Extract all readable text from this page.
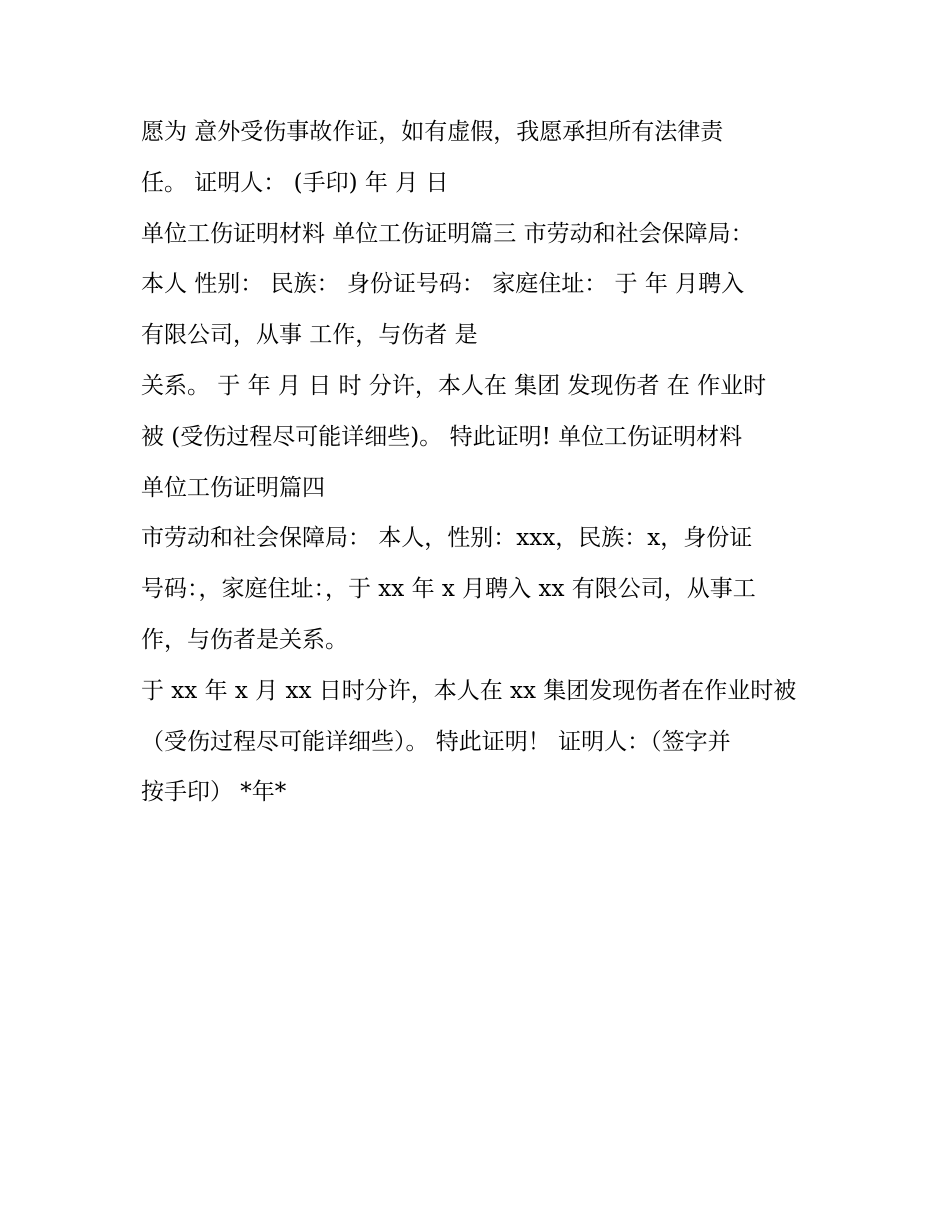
愿为 意外受伤事故作证，如有虚假，我愿承担所有法律责
任。 证明人： (手印) 年 月 日
单位工伤证明材料 单位工伤证明篇三 市劳动和社会保障局：
本人 性别： 民族： 身份证号码： 家庭住址： 于 年 月聘入
有限公司，从事 工作，与伤者 是
关系。 于 年 月 日 时 分许，本人在 集团 发现伤者 在 作业时
被 (受伤过程尽可能详细些)。 特此证明! 单位工伤证明材料
单位工伤证明篇四
市劳动和社会保障局： 本人，性别：xxx，民族：x，身份证
号码：，家庭住址：，于 xx 年 x 月聘入 xx 有限公司，从事工
作，与伤者是关系。
于 xx 年 x 月 xx 日时分许，本人在 xx 集团发现伤者在作业时被
（受伤过程尽可能详细些）。 特此证明！ 证明人：（签字并
按手印） *年*
